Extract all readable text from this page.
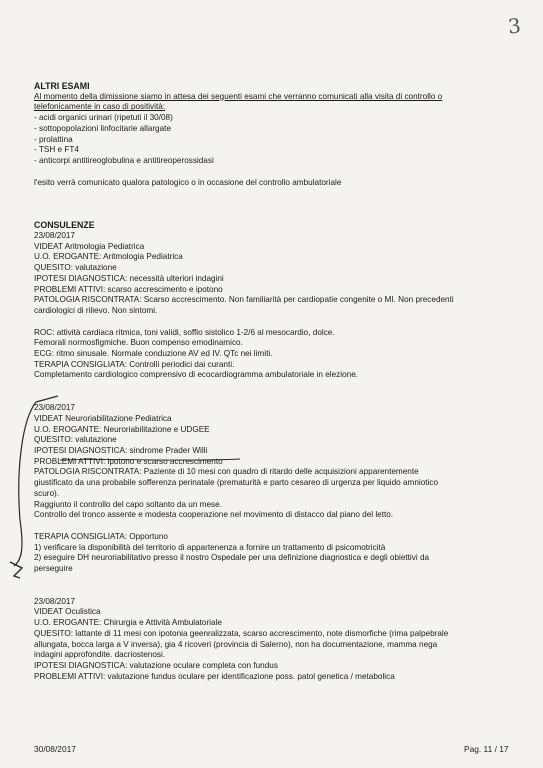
3
ALTRI ESAMI
Al momento della dimissione siamo in attesa dei seguenti esami che verranno comunicati alla visita di controllo o
telefonicamente in caso di positività:
- acidi organici urinari (ripetuti il 30/08)
- sottopopolazioni linfocitarie allargate
- prolattina
- TSH e FT4
- anticorpi antitireoglobulina e antitireoperossidasi
l'esito verrà comunicato qualora patologico o in occasione del controllo ambulatoriale
CONSULENZE
23/08/2017
VIDEAT Aritmologia Pediatrica
U.O. EROGANTE: Aritmologia Pediatrica
QUESITO: valutazione
IPOTESI DIAGNOSTICA: necessità ulteriori indagini
PROBLEMI ATTIVI: scarso accrescimento e ipotono
PATOLOGIA RISCONTRATA: Scarso accrescimento. Non familiarità per cardiopatie congenite o MI. Non precedenti
cardiologici di rilievo. Non sintomi.
ROC: attività cardiaca ritmica, toni validi, soffio sistolico 1-2/6 al mesocardio, dolce.
Femorali normosfigmiche. Buon compenso emodinamico.
ECG: ritmo sinusale. Normale conduzione AV ed IV. QTc nei limiti.
TERAPIA CONSIGLIATA: Controlli periodici dai curanti.
Completamento cardiologico comprensivo di ecocardiogramma ambulatoriale in elezione.
23/08/2017
VIDEAT Neuroriabilitazione Pediatrica
U.O. EROGANTE: Neuroriabilitazione e UDGEE
QUESITO: valutazione
IPOTESI DIAGNOSTICA: sindrome Prader Willi
PROBLEMI ATTIVI: ipotono e scarso accrescimento
PATOLOGIA RISCONTRATA: Paziente di 10 mesi con quadro di ritardo delle acquisizioni apparentemente
giustificato da una probabile sofferenza perinatale (prematurità e parto cesareo di urgenza per liquido amniotico
scuro).
Raggiunto il controllo del capo soltanto da un mese.
Controllo del tronco assente e modesta cooperazione nel movimento di distacco dal piano del letto.
TERAPIA CONSIGLIATA: Opportuno
1) verificare la disponibilità del territorio di appartenenza a fornire un trattamento di psicomotricità
2) eseguire DH neuroriabilitativo presso il nostro Ospedale per una definizione diagnostica e degli obiettivi da
perseguire
23/08/2017
VIDEAT Oculistica
U.O. EROGANTE: Chirurgia e Attività Ambulatoriale
QUESITO: lattante di 11 mesi con ipotonia geenralizzata, scarso accrescimento, note dismorfiche (rima palpebrale
allungata, bocca larga a V inversa), gia 4 ricoveri (provincia di Salerno), non ha documentazione, mamma nega
indagini approfondite. dacriostenosi.
IPOTESI DIAGNOSTICA: valutazione oculare completa con fundus
PROBLEMI ATTIVI: valutazione fundus oculare per identificazione poss. patol genetica / metabolica
30/08/2017	Pag. 11 / 17
